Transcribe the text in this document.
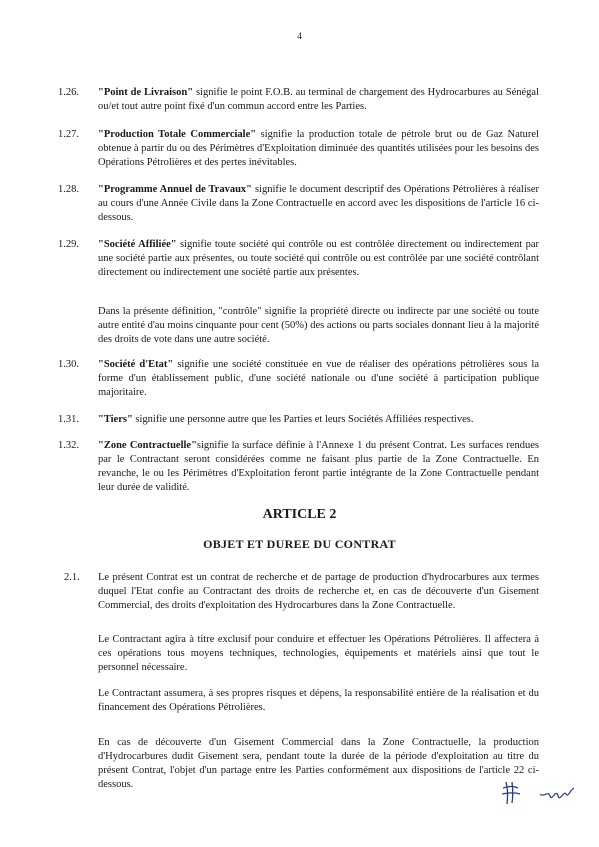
4
1.26.	"Point de Livraison" signifie le point F.O.B. au terminal de chargement des Hydrocarbures au Sénégal ou/et tout autre point fixé d'un commun accord entre les Parties.
1.27.	"Production Totale Commerciale" signifie la production totale de pétrole brut ou de Gaz Naturel obtenue à partir du ou des Périmètres d'Exploitation diminuée des quantités utilisées pour les besoins des Opérations Pétrolières et des pertes inévitables.
1.28.	"Programme Annuel de Travaux" signifie le document descriptif des Opérations Pétrolières à réaliser au cours d'une Année Civile dans la Zone Contractuelle en accord avec les dispositions de l'article 16 ci-dessous.
1.29.	"Société Affiliée" signifie toute société qui contrôle ou est contrôlée directement ou indirectement par une société partie aux présentes, ou toute société qui contrôle ou est contrôlée par une société contrôlant directement ou indirectement une société partie aux présentes.
Dans la présente définition, "contrôle" signifie la propriété directe ou indirecte par une société ou toute autre entité d'au moins cinquante pour cent (50%) des actions ou parts sociales donnant lieu à la majorité des droits de vote dans une autre société.
1.30.	"Société d'Etat" signifie une société constituée en vue de réaliser des opérations pétrolières sous la forme d'un établissement public, d'une société nationale ou d'une société à participation publique majoritaire.
1.31.	"Tiers" signifie une personne autre que les Parties et leurs Sociétés Affiliées respectives.
1.32.	"Zone Contractuelle"signifie la surface définie à l'Annexe 1 du présent Contrat. Les surfaces rendues par le Contractant seront considérées comme ne faisant plus partie de la Zone Contractuelle. En revanche, le ou les Périmètres d'Exploitation feront partie intégrante de la Zone Contractuelle pendant leur durée de validité.
ARTICLE 2
OBJET ET DUREE DU CONTRAT
2.1.	Le présent Contrat est un contrat de recherche et de partage de production d'hydrocarbures aux termes duquel l'Etat confie au Contractant des droits de recherche et, en cas de découverte d'un Gisement Commercial, des droits d'exploitation des Hydrocarbures dans la Zone Contractuelle.
Le Contractant agira à titre exclusif pour conduire et effectuer les Opérations Pétrolières. Il affectera à ces opérations tous moyens techniques, technologies, équipements et matériels ainsi que tout le personnel nécessaire.
Le Contractant assumera, à ses propres risques et dépens, la responsabilité entière de la réalisation et du financement des Opérations Pétrolières.
En cas de découverte d'un Gisement Commercial dans la Zone Contractuelle, la production d'Hydrocarbures dudit Gisement sera, pendant toute la durée de la période d'exploitation au titre du présent Contrat, l'objet d'un partage entre les Parties conformément aux dispositions de l'article 22 ci-dessous.
